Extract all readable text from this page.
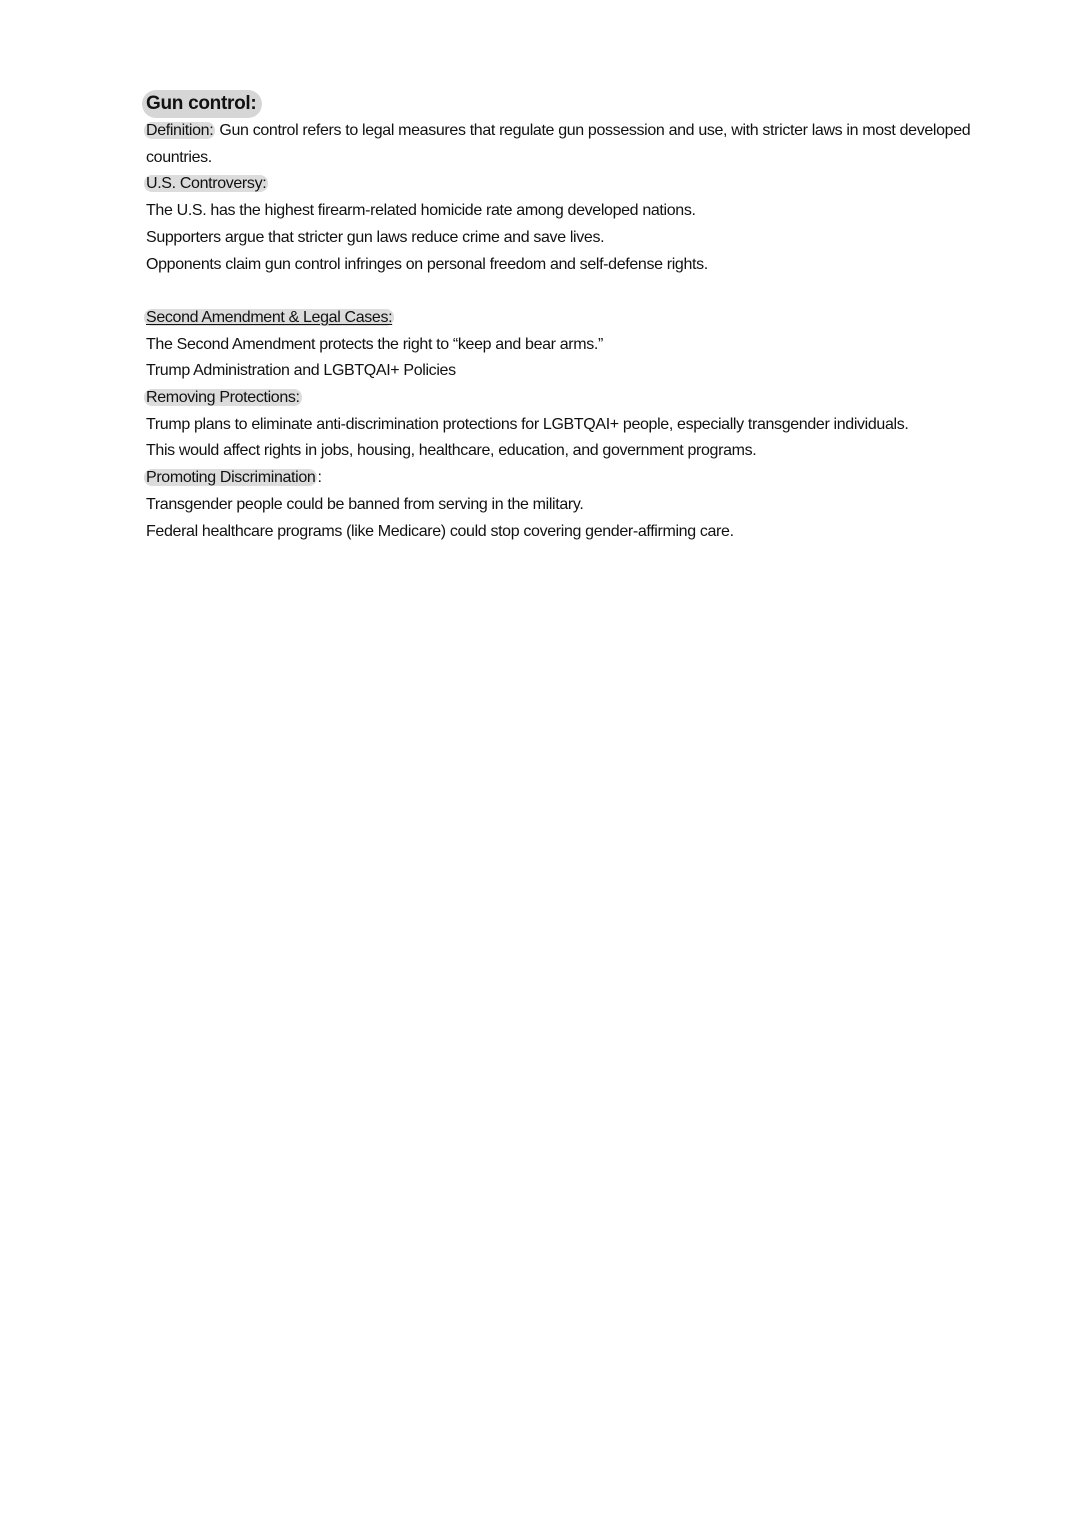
Gun control:
Definition: Gun control refers to legal measures that regulate gun possession and use, with stricter laws in most developed countries.
U.S. Controversy:
The U.S. has the highest firearm-related homicide rate among developed nations.
Supporters argue that stricter gun laws reduce crime and save lives.
Opponents claim gun control infringes on personal freedom and self-defense rights.
Second Amendment & Legal Cases:
The Second Amendment protects the right to “keep and bear arms.”
Trump Administration and LGBTQAI+ Policies
Removing Protections:
Trump plans to eliminate anti-discrimination protections for LGBTQAI+ people, especially transgender individuals.
This would affect rights in jobs, housing, healthcare, education, and government programs.
Promoting Discrimination :
Transgender people could be banned from serving in the military.
Federal healthcare programs (like Medicare) could stop covering gender-affirming care.
